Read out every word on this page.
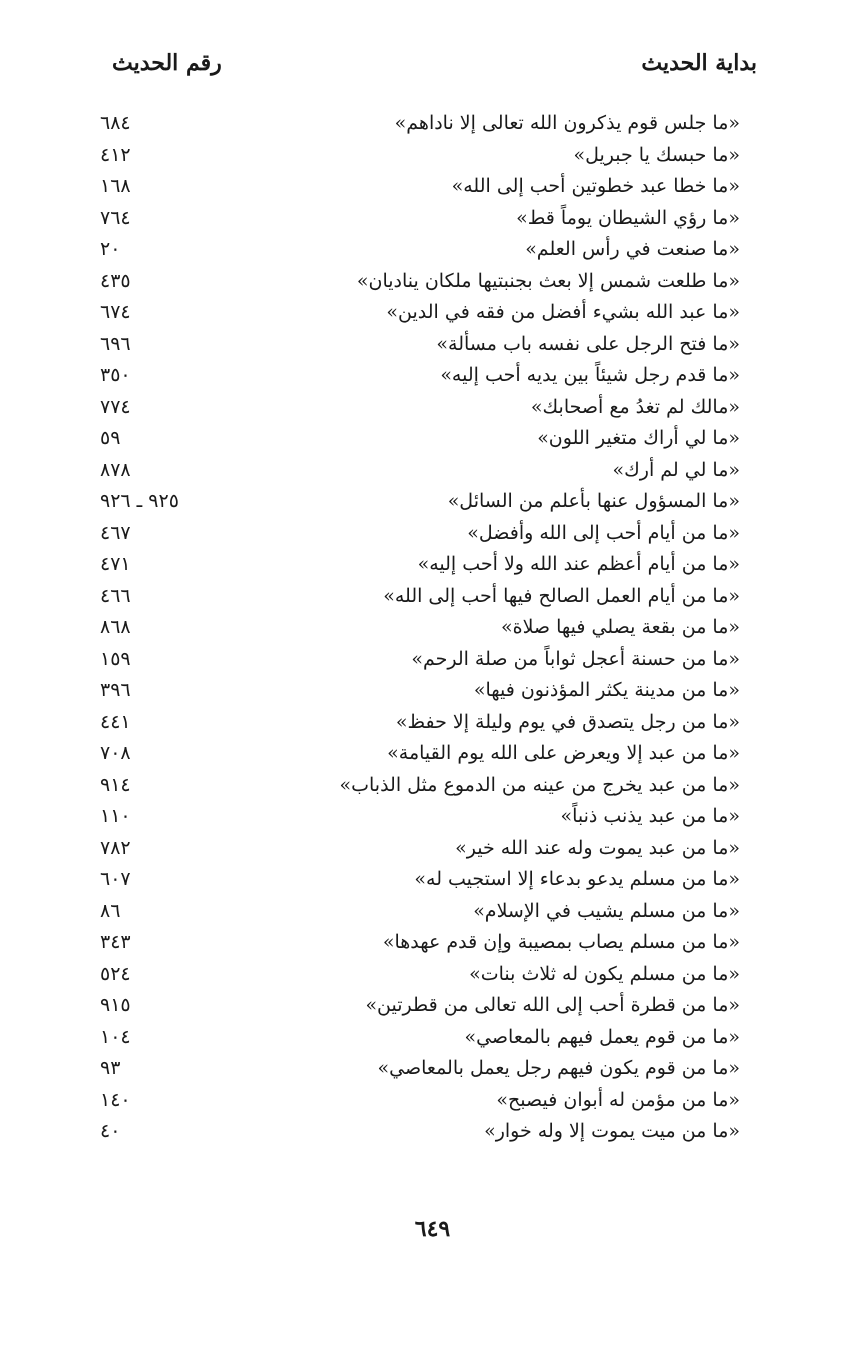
بداية الحديث
رقم الحديث
«ما جلس قوم يذكرون الله تعالى إلا ناداهم»
٦٨٤
«ما حبسك يا جبريل»
٤١٢
«ما خطا عبد خطوتين أحب إلى الله»
١٦٨
«ما رؤي الشيطان يوماً قط»
٧٦٤
«ما صنعت في رأس العلم»
٢٠
«ما طلعت شمس إلا بعث بجنبتيها ملكان يناديان»
٤٣٥
«ما عبد الله بشيء أفضل من فقه في الدين»
٦٧٤
«ما فتح الرجل على نفسه باب مسألة»
٦٩٦
«ما قدم رجل شيئاً بين يديه أحب إليه»
٣٥٠
«مالك لم تغدُ مع أصحابك»
٧٧٤
«ما لي أراك متغير اللون»
٥٩
«ما لي لم أرك»
٨٧٨
«ما المسؤول عنها بأعلم من السائل»
٩٢٥ ـ ٩٢٦
«ما من أيام أحب إلى الله وأفضل»
٤٦٧
«ما من أيام أعظم عند الله ولا أحب إليه»
٤٧١
«ما من أيام العمل الصالح فيها أحب إلى الله»
٤٦٦
«ما من بقعة يصلي فيها صلاة»
٨٦٨
«ما من حسنة أعجل ثواباً من صلة الرحم»
١٥٩
«ما من مدينة يكثر المؤذنون فيها»
٣٩٦
«ما من رجل يتصدق في يوم وليلة إلا حفظ»
٤٤١
«ما من عبد إلا ويعرض على الله يوم القيامة»
٧٠٨
«ما من عبد يخرج من عينه من الدموع مثل الذباب»
٩١٤
«ما من عبد يذنب ذنباً»
١١٠
«ما من عبد يموت وله عند الله خير»
٧٨٢
«ما من مسلم يدعو بدعاء إلا استجيب له»
٦٠٧
«ما من مسلم يشيب في الإسلام»
٨٦
«ما من مسلم يصاب بمصيبة وإن قدم عهدها»
٣٤٣
«ما من مسلم يكون له ثلاث بنات»
٥٢٤
«ما من قطرة أحب إلى الله تعالى من قطرتين»
٩١٥
«ما من قوم يعمل فيهم بالمعاصي»
١٠٤
«ما من قوم يكون فيهم رجل يعمل بالمعاصي»
٩٣
«ما من مؤمن له أبوان فيصبح»
١٤٠
«ما من ميت يموت إلا وله خوار»
٤٠
٦٤٩
